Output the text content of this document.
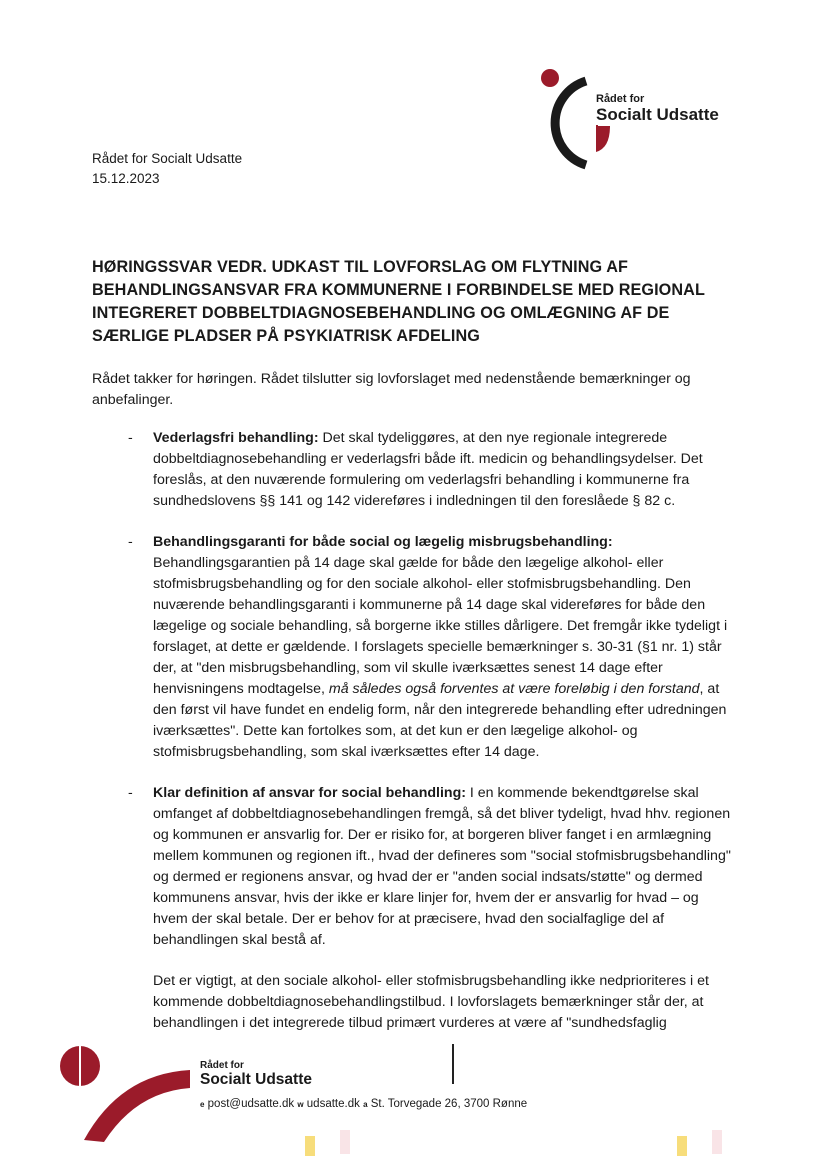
Rådet for
Socialt Udsatte
Rådet for Socialt Udsatte
15.12.2023
HØRINGSSVAR VEDR. UDKAST TIL LOVFORSLAG OM FLYTNING AF BEHANDLINGSANSVAR FRA KOMMUNERNE I FORBINDELSE MED REGIONAL INTEGRERET DOBBELTDIAGNOSEBEHANDLING OG OMLÆGNING AF DE SÆRLIGE PLADSER PÅ PSYKIATRISK AFDELING
Rådet takker for høringen. Rådet tilslutter sig lovforslaget med nedenstående bemærkninger og anbefalinger.
- Vederlagsfri behandling: Det skal tydeliggøres, at den nye regionale integrerede dobbeltdiagnosebehandling er vederlagsfri både ift. medicin og behandlingsydelser. Det foreslås, at den nuværende formulering om vederlagsfri behandling i kommunerne fra sundhedslovens §§ 141 og 142 videreføres i indledningen til den foreslåede § 82 c.
- Behandlingsgaranti for både social og lægelig misbrugsbehandling: Behandlingsgarantien på 14 dage skal gælde for både den lægelige alkohol- eller stofmisbrugsbehandling og for den sociale alkohol- eller stofmisbrugsbehandling. Den nuværende behandlingsgaranti i kommunerne på 14 dage skal videreføres for både den lægelige og sociale behandling, så borgerne ikke stilles dårligere. Det fremgår ikke tydeligt i forslaget, at dette er gældende. I forslagets specielle bemærkninger s. 30-31 (§1 nr. 1) står der, at "den misbrugsbehandling, som vil skulle iværksættes senest 14 dage efter henvisningens modtagelse, må således også forventes at være foreløbig i den forstand, at den først vil have fundet en endelig form, når den integrerede behandling efter udredningen iværksættes". Dette kan fortolkes som, at det kun er den lægelige alkohol- og stofmisbrugsbehandling, som skal iværksættes efter 14 dage.
- Klar definition af ansvar for social behandling: I en kommende bekendtgørelse skal omfanget af dobbeltdiagnosebehandlingen fremgå, så det bliver tydeligt, hvad hhv. regionen og kommunen er ansvarlig for. Der er risiko for, at borgeren bliver fanget i en armlægning mellem kommunen og regionen ift., hvad der defineres som "social stofmisbrugsbehandling" og dermed er regionens ansvar, og hvad der er "anden social indsats/støtte" og dermed kommunens ansvar, hvis der ikke er klare linjer for, hvem der er ansvarlig for hvad – og hvem der skal betale. Der er behov for at præcisere, hvad den socialfaglige del af behandlingen skal bestå af.
Det er vigtigt, at den sociale alkohol- eller stofmisbrugsbehandling ikke nedprioriteres i et kommende dobbeltdiagnosebehandlingstilbud. I lovforslagets bemærkninger står der, at behandlingen i det integrerede tilbud primært vurderes at være af "sundhedsfaglig
Rådet for
Socialt Udsatte
e post@udsatte.dk w udsatte.dk a St. Torvegade 26, 3700 Rønne
